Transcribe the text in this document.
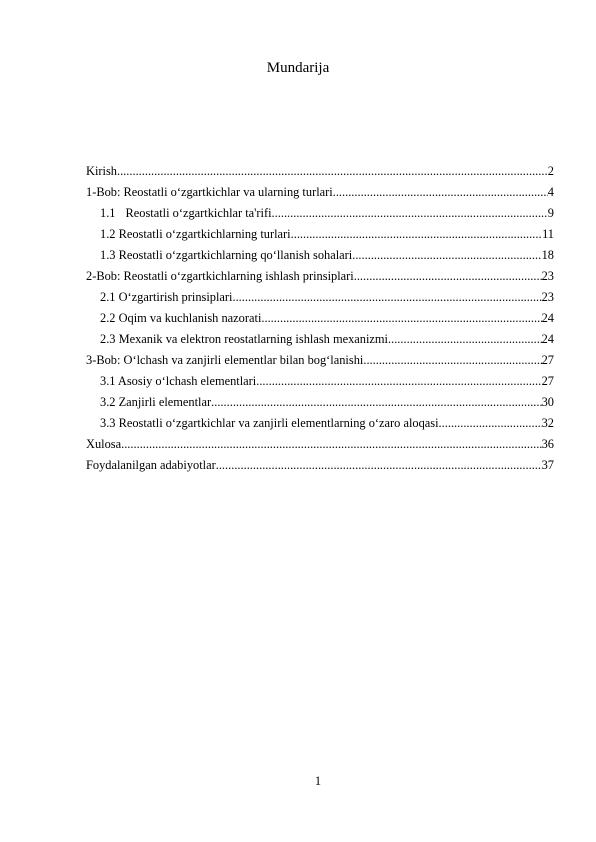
Mundarija
Kirish .....	2
1-Bob: Reostatli o‘zgartkichlar va ularning turlari .....	4
1.1 Reostatli o‘zgartkichlar ta'rifi .....	9
1.2 Reostatli o‘zgartkichlarning turlari .....	11
1.3 Reostatli o‘zgartkichlarning qo‘llanish sohalari .....	18
2-Bob: Reostatli o‘zgartkichlarning ishlash prinsiplari .....	23
2.1 O‘zgartirish prinsiplari .....	23
2.2 Oqim va kuchlanish nazorati .....	24
2.3 Mexanik va elektron reostatlarning ishlash mexanizmi .....	24
3-Bob: O‘lchash va zanjirli elementlar bilan bog‘lanishi .....	27
3.1 Asosiy o‘lchash elementlari .....	27
3.2 Zanjirli elementlar .....	30
3.3 Reostatli o‘zgartkichlar va zanjirli elementlarning o‘zaro aloqasi .....	32
Xulosa .....	36
Foydalanilgan adabiyotlar .....	37
1
